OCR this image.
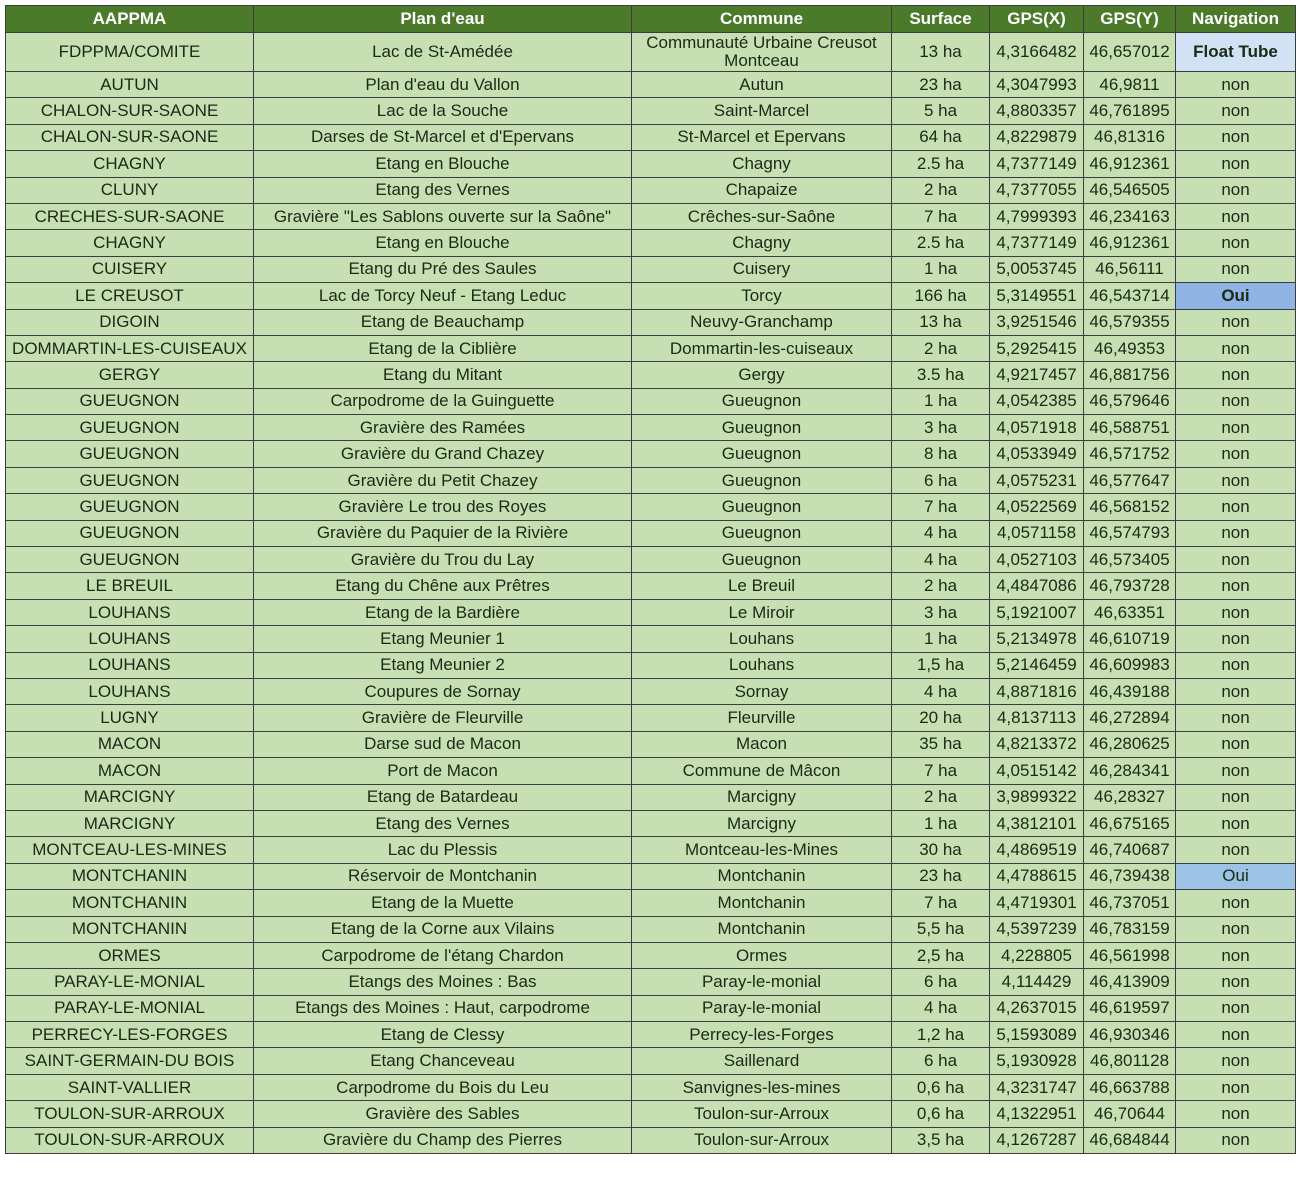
AAPPMA	Plan d'eau	Commune	Surface	GPS(X)	GPS(Y)	Navigation
FDPPMA/COMITE	Lac de St-Amédée	Communauté Urbaine Creusot Montceau	13 ha	4,3166482	46,657012	Float Tube
AUTUN	Plan d'eau du Vallon	Autun	23 ha	4,3047993	46,9811	non
CHALON-SUR-SAONE	Lac de la Souche	Saint-Marcel	5 ha	4,8803357	46,761895	non
CHALON-SUR-SAONE	Darses de St-Marcel et d'Epervans	St-Marcel et Epervans	64 ha	4,8229879	46,81316	non
CHAGNY	Etang en Blouche	Chagny	2.5 ha	4,7377149	46,912361	non
CLUNY	Etang des Vernes	Chapaize	2 ha	4,7377055	46,546505	non
CRECHES-SUR-SAONE	Gravière "Les Sablons ouverte sur la Saône"	Crêches-sur-Saône	7 ha	4,7999393	46,234163	non
CHAGNY	Etang en Blouche	Chagny	2.5 ha	4,7377149	46,912361	non
CUISERY	Etang du Pré des Saules	Cuisery	1 ha	5,0053745	46,56111	non
LE CREUSOT	Lac de Torcy Neuf - Etang Leduc	Torcy	166 ha	5,3149551	46,543714	Oui
DIGOIN	Etang de Beauchamp	Neuvy-Granchamp	13 ha	3,9251546	46,579355	non
DOMMARTIN-LES-CUISEAUX	Etang de la Ciblière	Dommartin-les-cuiseaux	2 ha	5,2925415	46,49353	non
GERGY	Etang du Mitant	Gergy	3.5 ha	4,9217457	46,881756	non
GUEUGNON	Carpodrome de la Guinguette	Gueugnon	1 ha	4,0542385	46,579646	non
GUEUGNON	Gravière des Ramées	Gueugnon	3 ha	4,0571918	46,588751	non
GUEUGNON	Gravière du Grand Chazey	Gueugnon	8 ha	4,0533949	46,571752	non
GUEUGNON	Gravière du Petit Chazey	Gueugnon	6 ha	4,0575231	46,577647	non
GUEUGNON	Gravière Le trou des Royes	Gueugnon	7 ha	4,0522569	46,568152	non
GUEUGNON	Gravière du Paquier de la Rivière	Gueugnon	4 ha	4,0571158	46,574793	non
GUEUGNON	Gravière du Trou du Lay	Gueugnon	4 ha	4,0527103	46,573405	non
LE BREUIL	Etang du Chêne aux Prêtres	Le Breuil	2 ha	4,4847086	46,793728	non
LOUHANS	Etang de la Bardière	Le Miroir	3 ha	5,1921007	46,63351	non
LOUHANS	Etang Meunier 1	Louhans	1 ha	5,2134978	46,610719	non
LOUHANS	Etang Meunier 2	Louhans	1,5 ha	5,2146459	46,609983	non
LOUHANS	Coupures de Sornay	Sornay	4 ha	4,8871816	46,439188	non
LUGNY	Gravière de Fleurville	Fleurville	20 ha	4,8137113	46,272894	non
MACON	Darse sud de Macon	Macon	35 ha	4,8213372	46,280625	non
MACON	Port de Macon	Commune de Mâcon	7 ha	4,0515142	46,284341	non
MARCIGNY	Etang de Batardeau	Marcigny	2 ha	3,9899322	46,28327	non
MARCIGNY	Etang des Vernes	Marcigny	1 ha	4,3812101	46,675165	non
MONTCEAU-LES-MINES	Lac du Plessis	Montceau-les-Mines	30 ha	4,4869519	46,740687	non
MONTCHANIN	Réservoir de Montchanin	Montchanin	23 ha	4,4788615	46,739438	Oui
MONTCHANIN	Etang de la Muette	Montchanin	7 ha	4,4719301	46,737051	non
MONTCHANIN	Etang de la Corne aux Vilains	Montchanin	5,5 ha	4,5397239	46,783159	non
ORMES	Carpodrome de l'étang Chardon	Ormes	2,5 ha	4,228805	46,561998	non
PARAY-LE-MONIAL	Etangs des Moines : Bas	Paray-le-monial	6 ha	4,114429	46,413909	non
PARAY-LE-MONIAL	Etangs des Moines : Haut, carpodrome	Paray-le-monial	4 ha	4,2637015	46,619597	non
PERRECY-LES-FORGES	Etang de Clessy	Perrecy-les-Forges	1,2 ha	5,1593089	46,930346	non
SAINT-GERMAIN-DU BOIS	Etang Chanceveau	Saillenard	6 ha	5,1930928	46,801128	non
SAINT-VALLIER	Carpodrome du Bois du Leu	Sanvignes-les-mines	0,6 ha	4,3231747	46,663788	non
TOULON-SUR-ARROUX	Gravière des Sables	Toulon-sur-Arroux	0,6 ha	4,1322951	46,70644	non
TOULON-SUR-ARROUX	Gravière du Champ des Pierres	Toulon-sur-Arroux	3,5 ha	4,1267287	46,684844	non
